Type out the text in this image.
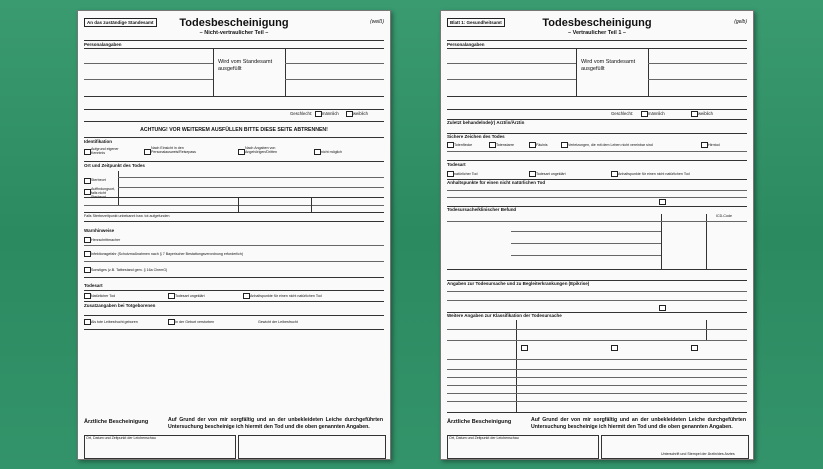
An das zuständige Standesamt	Todesbescheinigung
– Nicht-vertraulicher Teil –
(weiß)
Personalangaben
Wird vom Standesamt ausgefüllt
Geschlecht: männlich	weiblich
ACHTUNG! VOR WEITEREM AUSFÜLLEN BITTE DIESE SEITE ABTRENNEN!
Identifikation
Aufgrund eigener Kenntnis
Nach Einsicht in den Personalausweis/Reisepass
Nach Angaben von Angehörigen/Dritten	nicht möglich
Ort und Zeitpunkt des Todes
Sterbeort
Auffindungsort, falls nicht Sterbeort
Falls Sterbezeitpunkt unbekannt bzw. tot aufgefunden
Warnhinweise
Herzschrittmacher
Infektionsgefahr (Schutzmaßnahmen nach § 7 Bayerischer Bestattungsverordnung erforderlich)
Sonstiges (z.B. Tatbestand gem. § 16a ChemG)
Todesart
Natürlicher Tod	Todesart ungeklärt	Anhaltspunkte für einen nicht natürlichen Tod
Zusatzangaben bei Totgeborenen
Als tote Leibesfrucht geboren	In der Geburt verstorben	Gewicht der Leibesfrucht
Ärztliche Bescheinigung	Auf Grund der von mir sorgfältig und an der unbekleideten Leiche durchgeführten Untersuchung bescheinige ich hiermit den Tod und die oben genannten Angaben.
Ort, Datum und Zeitpunkt der Leichenschau
Blatt 1: Gesundheitsamt	Todesbescheinigung
– Vertraulicher Teil 1 –
(gelb)
Personalangaben
Wird vom Standesamt ausgefüllt
Geschlecht:	männlich	weiblich
Zuletzt behandelnde(r) Arzt/in/Ärztin
Sichere Zeichen des Todes
Totenflecke	Totenstarre	Fäulnis	Verletzungen, die mit dem Leben nicht vereinbar sind	Hirntod
Todesart
natürlicher Tod	Todesart ungeklärt	Anhaltspunkte für einen nicht natürlichen Tod
Anhaltspunkte für einen nicht natürlichen Tod
Todesursache/klinischer Befund
ICD-Code
Angaben zur Todesursache und zu Begleiterkrankungen (Epikrise)
Weitere Angaben zur Klassifikation der Todesursache
Ärztliche Bescheinigung	Auf Grund der von mir sorgfältig und an der unbekleideten Leiche durchgeführten Untersuchung bescheinige ich hiermit den Tod und die oben genannten Angaben.
Ort, Datum und Zeitpunkt der Leichenschau
Unterschrift und Stempel der Ärztin/des Arztes
